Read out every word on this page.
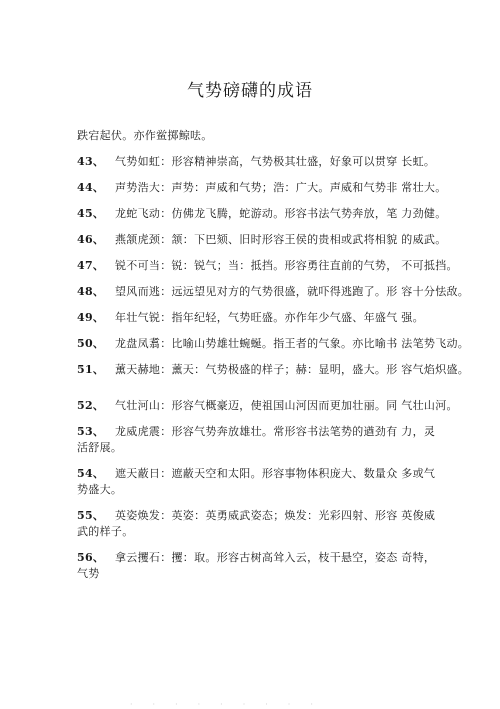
气势磅礴的成语
跌宕起伏。亦作鲎掷鲸呿。
43、 气势如虹：形容精神崇高，气势极其壮盛，好象可以贯穿 长虹。
44、 声势浩大：声势：声威和气势；浩：广大。声威和气势非 常壮大。
45、 龙蛇飞动：仿佛龙飞腾，蛇游动。形容书法气势奔放，笔 力劲健。
46、 燕颔虎颈：颔：下巴颏、旧时形容王侯的贵相或武将相貌 的威武。
47、 锐不可当：锐：锐气；当：抵挡。形容勇往直前的气势， 不可抵挡。
48、 望风而逃：远远望见对方的气势很盛，就吓得逃跑了。形 容十分怯敌。
49、 年壮气锐：指年纪轻，气势旺盛。亦作年少气盛、年盛气 强。
50、 龙盘凤翥：比喻山势雄壮蜿蜒。指王者的气象。亦比喻书 法笔势飞动。
51、 薰天赫地：薰天：气势极盛的样子；赫：显明，盛大。形 容气焰炽盛。
52、 气壮河山：形容气概豪迈，使祖国山河因而更加壮丽。同 气壮山河。
53、 龙威虎震：形容气势奔放雄壮。常形容书法笔势的遒劲有 力，灵活舒展。
54、 遮天蔽日：遮蔽天空和太阳。形容事物体积庞大、数量众 多或气势盛大。
55、 英姿焕发：英姿：英勇威武姿态；焕发：光彩四射、形容 英俊威武的样子。
56、 拿云攫石：攫：取。形容古树高耸入云，枝干悬空，姿态 奇特，气势
·········
